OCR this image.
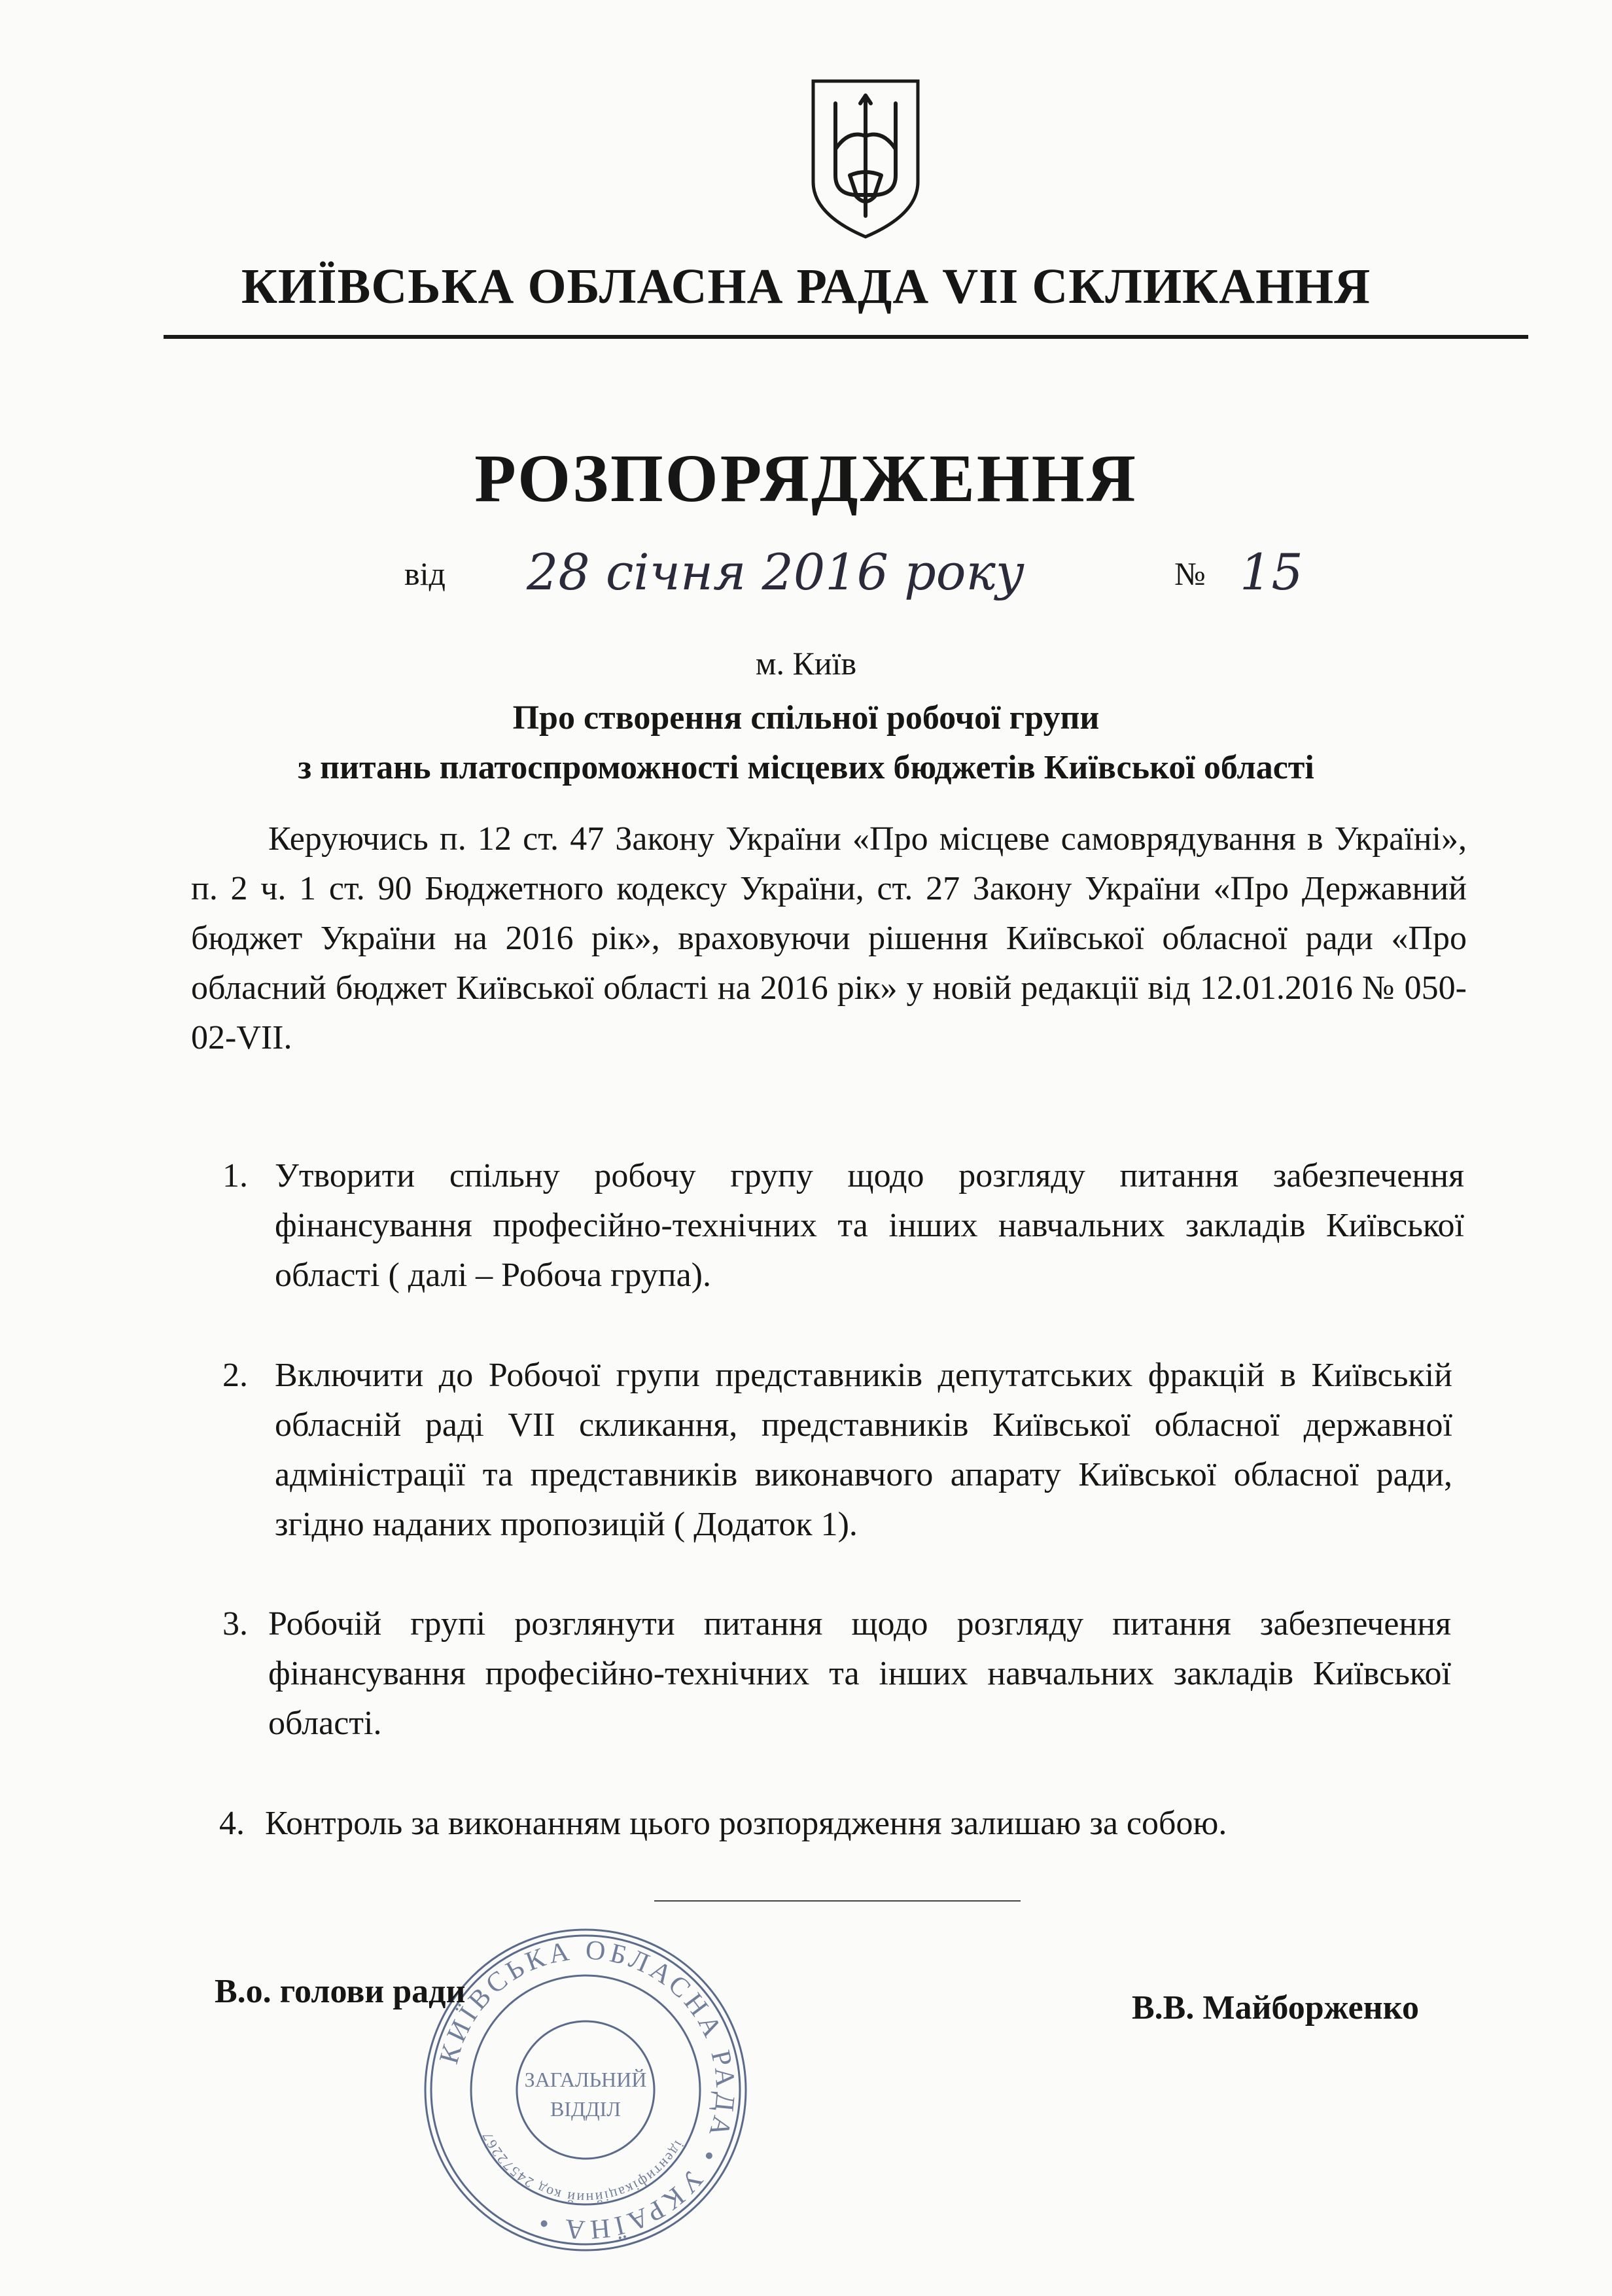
КИЇВСЬКА ОБЛАСНА РАДА VII СКЛИКАННЯ
РОЗПОРЯДЖЕННЯ
від 28 січня 2016 року	№ 15
м. Київ
Про створення спільної робочої групи
з питань платоспроможності місцевих бюджетів Київської області

Керуючись п. 12 ст. 47 Закону України «Про місцеве самоврядування в Україні», п. 2 ч. 1 ст. 90 Бюджетного кодексу України, ст. 27 Закону України «Про Державний бюджет України на 2016 рік», враховуючи рішення Київської обласної ради «Про обласний бюджет Київської області на 2016 рік» у новій редакції від 12.01.2016 № 050-02-VII.

1. Утворити спільну робочу групу щодо розгляду питання забезпечення фінансування професійно-технічних та інших навчальних закладів Київської області ( далі – Робоча група).
2. Включити до Робочої групи представників депутатських фракцій в Київській обласній раді VII скликання, представників Київської обласної державної адміністрації та представників виконавчого апарату Київської обласної ради, згідно наданих пропозицій ( Додаток 1).
3. Робочій групі розглянути питання щодо розгляду питання забезпечення фінансування професійно-технічних та інших навчальних закладів Київської області.
4. Контроль за виконанням цього розпорядження залишаю за собою.
КИЇВСЬКА ОБЛАСНА РАДА • УКРАЇНА •
ідентифікаційний код 24572267
ЗАГАЛЬНИЙ
ВІДДІЛ
В.о. голови ради	В.В. Майборженко
